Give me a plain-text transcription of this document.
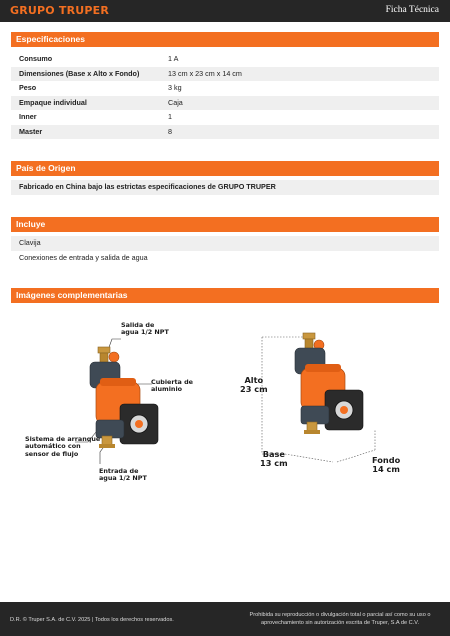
GRUPO TRUPER	Ficha Técnica
Especificaciones
Consumo	1 A
Dimensiones (Base x Alto x Fondo)	13 cm x 23 cm x 14 cm
Peso	3 kg
Empaque individual	Caja
Inner	1
Master	8
País de Origen
Fabricado en China bajo las estrictas especificaciones de GRUPO TRUPER
Incluye
Clavija
Conexiones de entrada y salida de agua
Imágenes complementarias
Salida de
agua 1/2 NPT
Cubierta de
aluminio
Sistema de arranque
automático con
sensor de flujo
Entrada de
agua 1/2 NPT
Alto
23 cm
Base
13 cm	Fondo
14 cm
D.R. © Truper S.A. de C.V. 2025 | Todos los derechos reservados.
Prohibida su reproducción o divulgación total o parcial así como su uso o
aprovechamiento sin autorización escrita de Truper, S.A de C.V.
